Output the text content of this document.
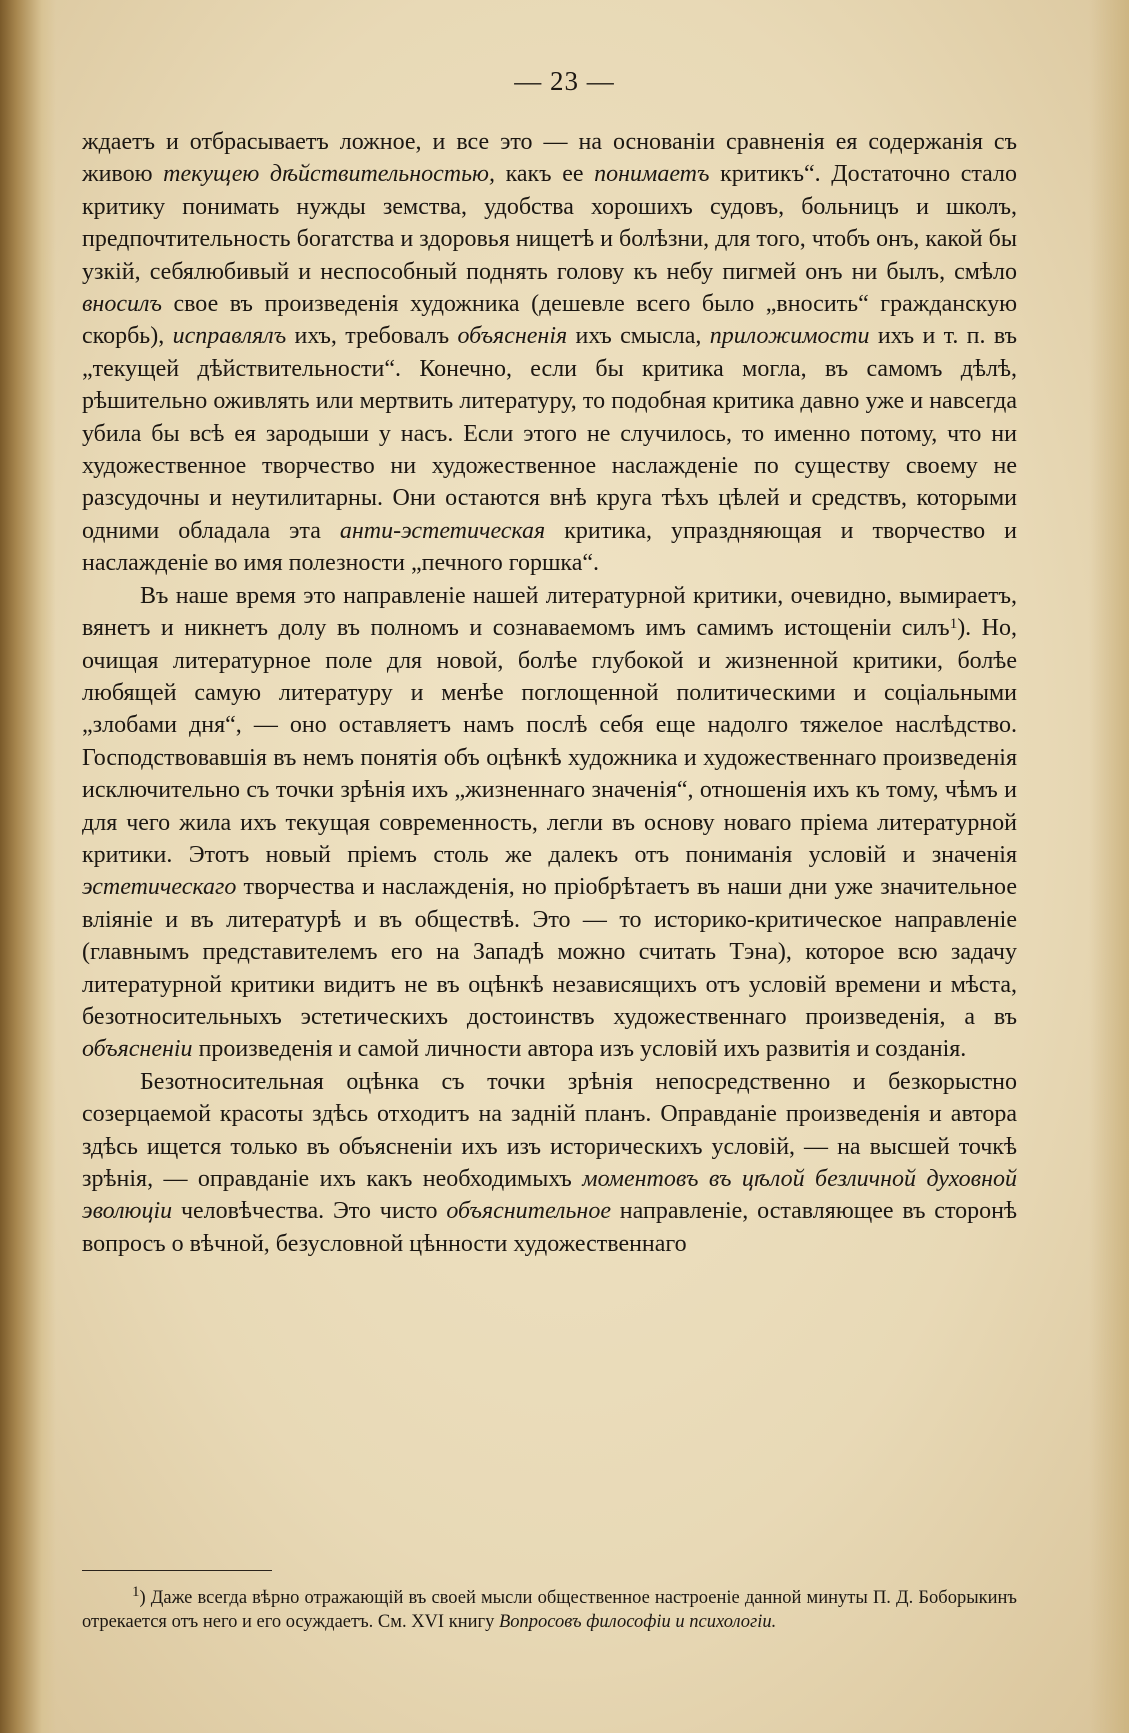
— 23 —

ждаетъ и отбрасываетъ ложное, и все это — на основаніи сравненія ея содержанія съ живою текущею дѣйствительностью, какъ ее понимаетъ критикъ“. Достаточно стало критику понимать нужды земства, удобства хорошихъ судовъ, больницъ и школъ, предпочтительность богатства и здоровья нищетѣ и болѣзни, для того, чтобъ онъ, какой бы узкій, себялюбивый и неспособный поднять голову къ небу пигмей онъ ни былъ, смѣло вносилъ свое въ произведенія художника (дешевле всего было „вносить“ гражданскую скорбь), исправлялъ ихъ, требовалъ объясненія ихъ смысла, приложимости ихъ и т. п. въ „текущей дѣйствительности“. Конечно, если бы критика могла, въ самомъ дѣлѣ, рѣшительно оживлять или мертвить литературу, то подобная критика давно уже и навсегда убила бы всѣ ея зародыши у насъ. Если этого не случилось, то именно потому, что ни художественное творчество ни художественное наслажденіе по существу своему не разсудочны и неутилитарны. Они остаются внѣ круга тѣхъ цѣлей и средствъ, которыми одними обладала эта анти-эстетическая критика, упраздняющая и творчество и наслажденіе во имя полезности „печного горшка“.

Въ наше время это направленіе нашей литературной критики, очевидно, вымираетъ, вянетъ и никнетъ долу въ полномъ и сознаваемомъ имъ самимъ истощеніи силъ$^1$). Но, очищая литературное поле для новой, болѣе глубокой и жизненной критики, болѣе любящей самую литературу и менѣе поглощенной политическими и соціальными „злобами дня“, — оно оставляетъ намъ послѣ себя еще надолго тяжелое наслѣдство. Господствовавшія въ немъ понятія объ оцѣнкѣ художника и художественнаго произведенія исключительно съ точки зрѣнія ихъ „жизненнаго значенія“, отношенія ихъ къ тому, чѣмъ и для чего жила ихъ текущая современность, легли въ основу новаго пріема литературной критики. Этотъ новый пріемъ столь же далекъ отъ пониманія условій и значенія эстетическаго творчества и наслажденія, но пріобрѣтаетъ въ наши дни уже значительное вліяніе и въ литературѣ и въ обществѣ. Это — то историко-критическое направленіе (главнымъ представителемъ его на Западѣ можно считать Тэна), которое всю задачу литературной критики видитъ не въ оцѣнкѣ независящихъ отъ условій времени и мѣста, безотносительныхъ эстетическихъ достоинствъ художественнаго произведенія, а въ объясненіи произведенія и самой личности автора изъ условій ихъ развитія и созданія.

Безотносительная оцѣнка съ точки зрѣнія непосредственно и безкорыстно созерцаемой красоты здѣсь отходитъ на задній планъ. Оправданіе произведенія и автора здѣсь ищется только въ объясненіи ихъ изъ историческихъ условій, — на высшей точкѣ зрѣнія, — оправданіе ихъ какъ необходимыхъ моментовъ въ цѣлой безличной духовной эволюціи человѣчества. Это чисто объяснительное направленіе, оставляющее въ сторонѣ вопросъ о вѣчной, безусловной цѣнности художественнаго

$^1$) Даже всегда вѣрно отражающій въ своей мысли общественное настроеніе данной минуты П. Д. Боборыкинъ отрекается отъ него и его осуждаетъ. См. XVI книгу Вопросовъ философіи и психологіи.
